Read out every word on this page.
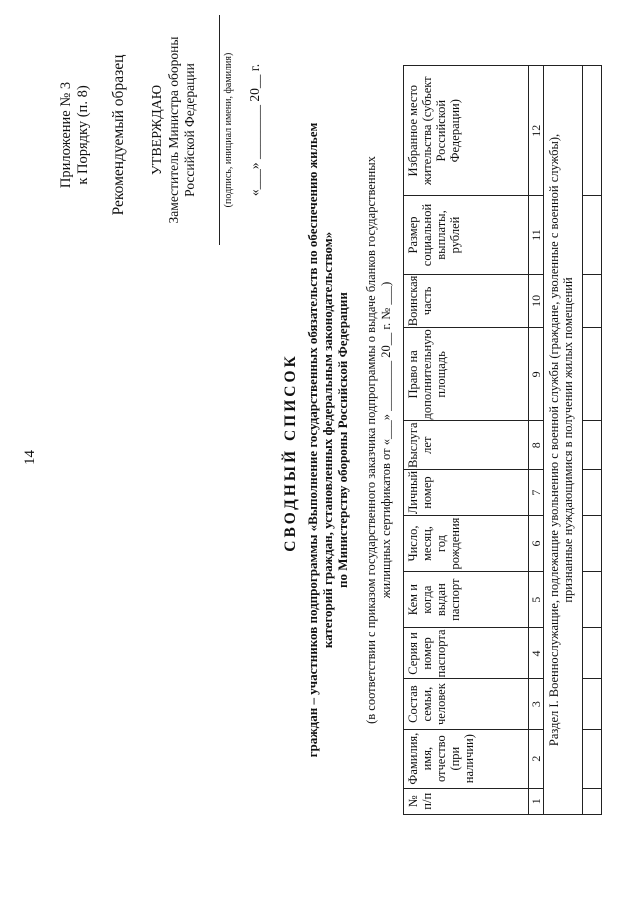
14
Приложение № 3 к Порядку (п. 8) Рекомендуемый образец УТВЕРЖДАЮ Заместитель Министра обороны Российской Федерации	(подпись, инициал имени, фамилия) «___» ________ 20__ г.
СВОДНЫЙ СПИСОК граждан – участников подпрограммы «Выполнение государственных обязательств по обеспечению жильем категорий граждан, установленных федеральным законодательством» по Министерству обороны Российской Федерации (в соответствии с приказом государственного заказчика подпрограммы о выдаче бланков государственных жилищных сертификатов от «___» ________ 20__ г. № ___)
№ п/п	Фамилия, имя, отчество (при наличии)	Состав семьи, человек	Серия и номер паспорта	Кем и когда выдан паспорт	Число, месяц, год рождения	Личный номер	Выслуга лет	Право на дополнительную площадь	Воинская часть	Размер социальной выплаты, рублей	Избранное место жительства (субъект Российской Федерации)
1	2	3	4	5	6	7	8	9	10	11	12

Раздел I. Военнослужащие, подлежащие увольнению с военной службы (граждане, уволенные с военной службы), признанные нуждающимися в получении жилых помещений											
